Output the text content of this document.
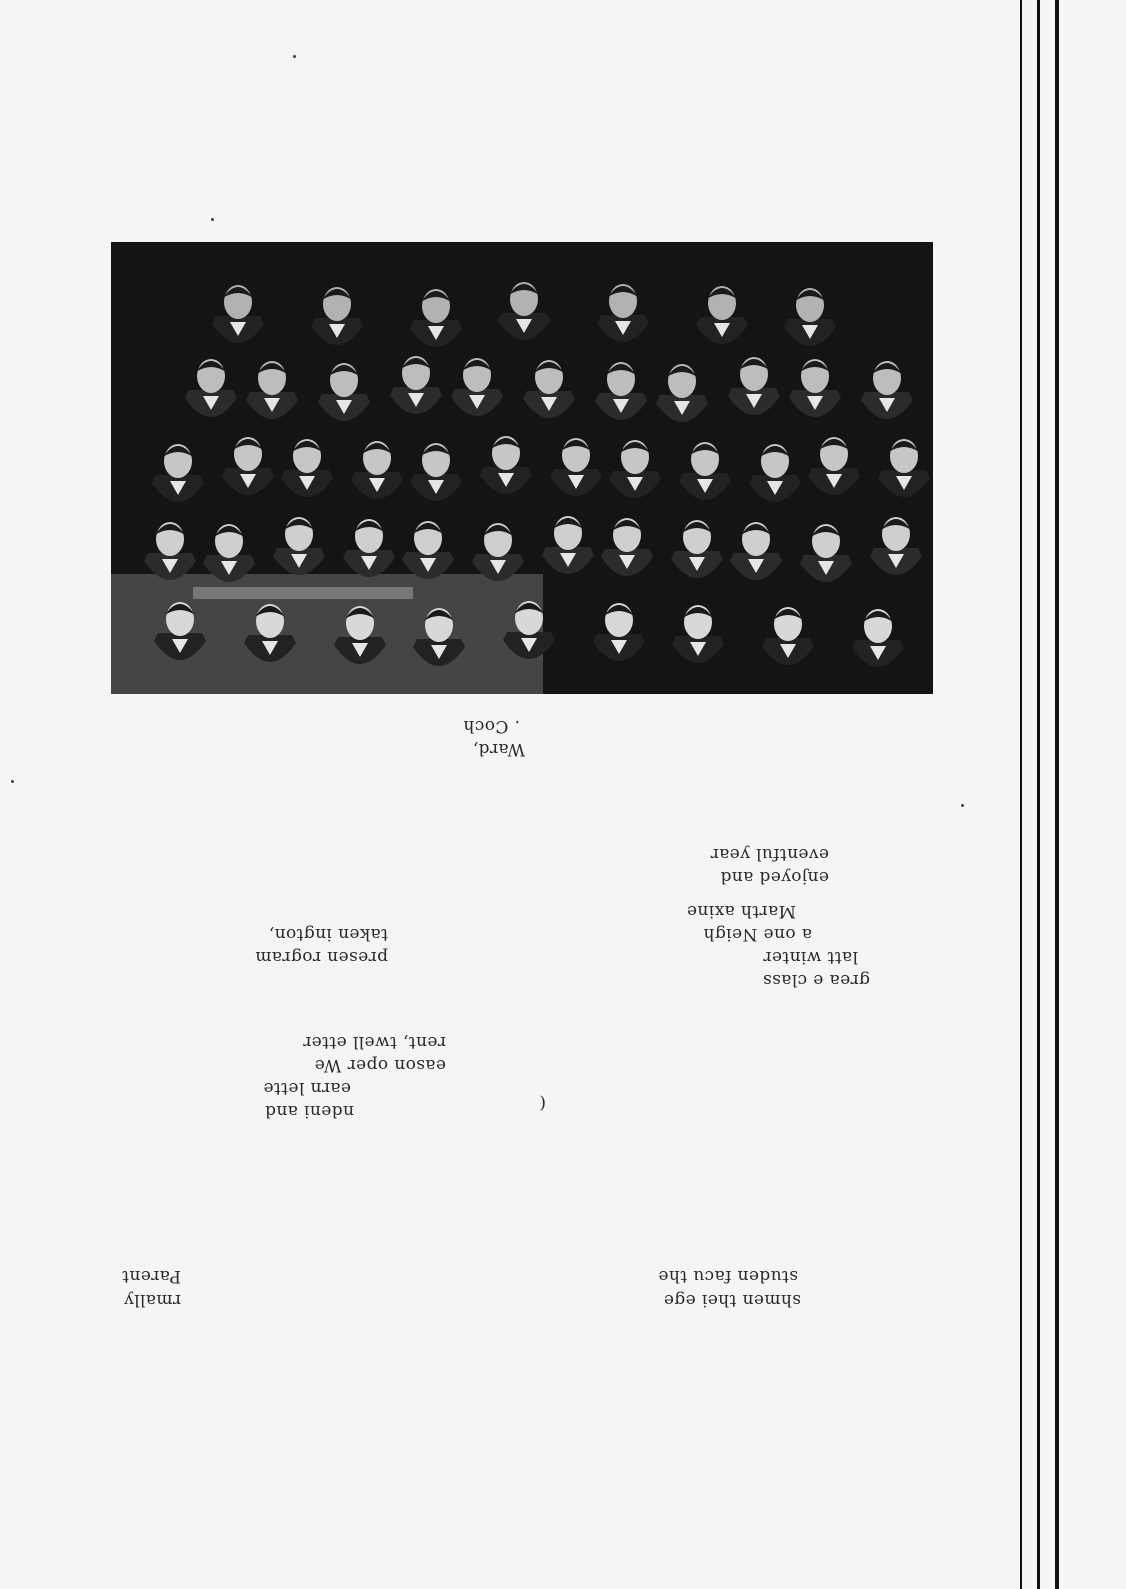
shmen thei ege
studen facu the
rmally
Parent
(
ndeni and
earn lette
eason oper We
rent, twell etter
grea e class
latt winter
a one Neigh
Marth axine
presen rogram
taken ington,
enjoyed and
eventful year
Ward,
. Coch
